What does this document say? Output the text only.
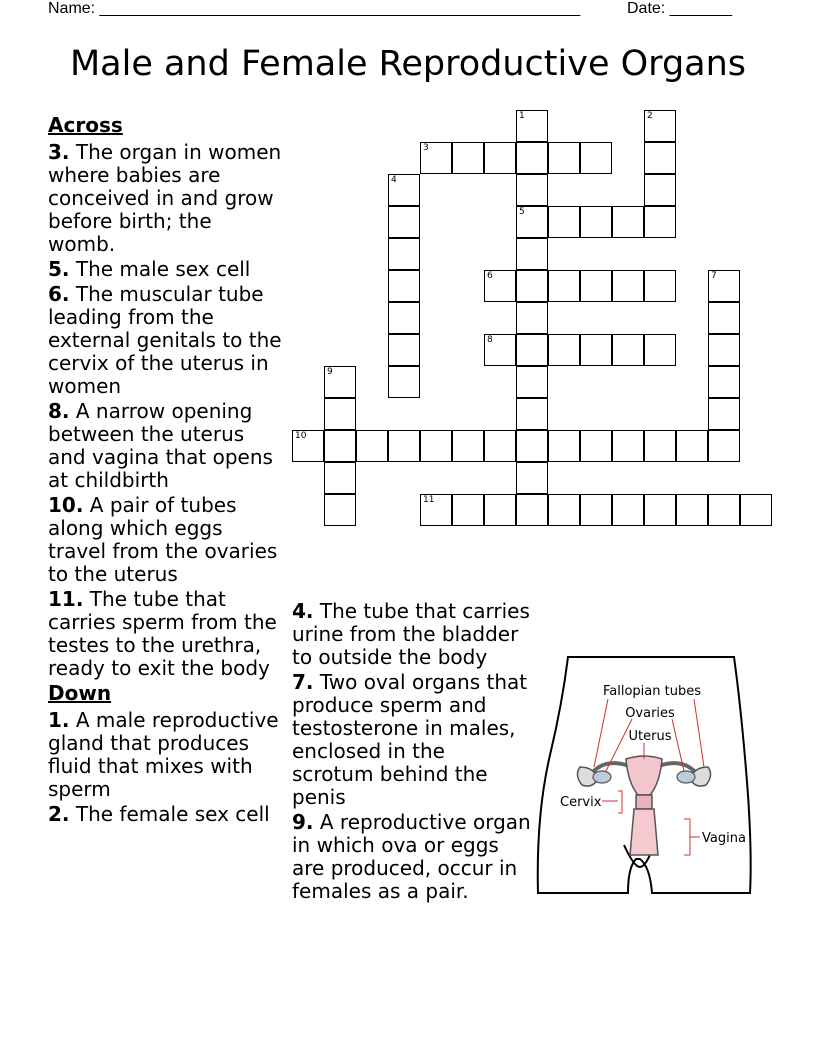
Name: ______________________________________________________	Date: _______
Male and Female Reproductive Organs
Across
3. The organ in women where babies are conceived in and grow before birth; the womb.
5. The male sex cell
6. The muscular tube leading from the external genitals to the cervix of the uterus in women
8. A narrow opening between the uterus and vagina that opens at childbirth
10. A pair of tubes along which eggs travel from the ovaries to the uterus
11. The tube that carries sperm from the testes to the urethra, ready to exit the body
Down
1. A male reproductive gland that produces fluid that mixes with sperm
2. The female sex cell
4. The tube that carries urine from the bladder to outside the body
7. Two oval organs that produce sperm and testosterone in males, enclosed in the scrotum behind the penis
9. A reproductive organ in which ova or eggs are produced, occur in females as a pair.
1
5
2
3
4
6	7
8
9
10
11
Fallopian tubes
Ovaries
Uterus
Cervix
Vagina
